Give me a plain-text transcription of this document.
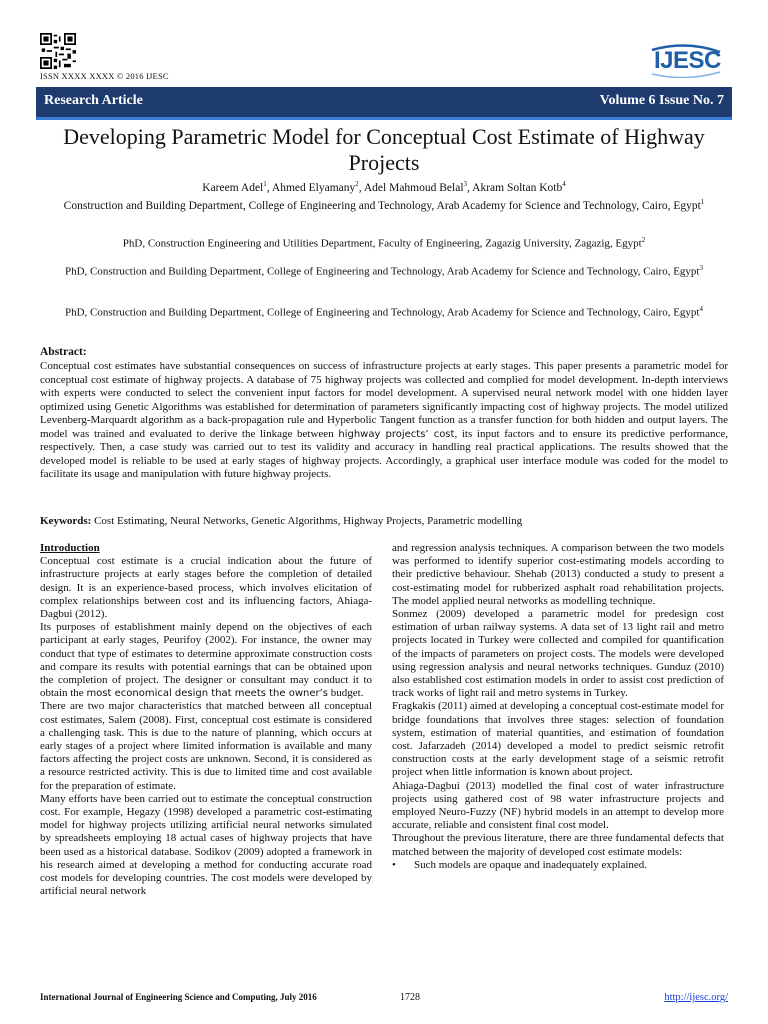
ISSN XXXX XXXX © 2016 IJESC
IJESC
Research Article	Volume 6 Issue No. 7
Developing Parametric Model for Conceptual Cost Estimate of Highway Projects
Kareem Adel$^1$, Ahmed Elyamany$^2$, Adel Mahmoud Belal$^3$, Akram Soltan Kotb$^4$
Construction and Building Department, College of Engineering and Technology, Arab Academy for Science and Technology, Cairo, Egypt$^1$
PhD, Construction Engineering and Utilities Department, Faculty of Engineering, Zagazig University, Zagazig, Egypt$^2$
PhD, Construction and Building Department, College of Engineering and Technology, Arab Academy for Science and Technology, Cairo, Egypt$^3$
PhD, Construction and Building Department, College of Engineering and Technology, Arab Academy for Science and Technology, Cairo, Egypt$^4$
Abstract:
Conceptual cost estimates have substantial consequences on success of infrastructure projects at early stages. This paper presents a parametric model for conceptual cost estimate of highway projects. A database of 75 highway projects was collected and complied for model development. In-depth interviews with experts were conducted to select the convenient input factors for model development. A supervised neural network model with one hidden layer optimized using Genetic Algorithms was established for determination of parameters significantly impacting cost of highway projects. The model utilized Levenberg-Marquardt algorithm as a back-propagation rule and Hyperbolic Tangent function as a transfer function for both hidden and output layers. The model was trained and evaluated to derive the linkage between highway projects’ cost, its input factors and to ensure its predictive performance, respectively. Then, a case study was carried out to test its validity and accuracy in handling real practical applications. The results showed that the developed model is reliable to be used at early stages of highway projects. Accordingly, a graphical user interface module was coded for the model to facilitate its usage and manipulation with future highway projects.
Keywords: Cost Estimating, Neural Networks, Genetic Algorithms, Highway Projects, Parametric modelling

Introduction

Conceptual cost estimate is a crucial indication about the future of infrastructure projects at early stages before the completion of detailed design. It is an experience-based process, which involves elicitation of complex relationships between cost and its influencing factors, Ahiaga-Dagbui (2012).

Its purposes of establishment mainly depend on the objectives of each participant at early stages, Peurifoy (2002). For instance, the owner may conduct that type of estimates to determine approximate construction costs and compare its results with potential earnings that can be obtained upon the completion of project. The designer or consultant may conduct it to obtain the most economical design that meets the owner’s budget.

There are two major characteristics that matched between all conceptual cost estimates, Salem (2008). First, conceptual cost estimate is considered a challenging task. This is due to the nature of planning, which occurs at early stages of a project where limited information is available and many factors affecting the project costs are unknown. Second, it is considered as a resource restricted activity. This is due to limited time and cost available for the preparation of estimate.

Many efforts have been carried out to estimate the conceptual construction cost. For example, Hegazy (1998) developed a parametric cost-estimating model for highway projects utilizing artificial neural networks simulated by spreadsheets employing 18 actual cases of highway projects that have been used as a historical database. Sodikov (2009) adopted a framework in his research aimed at developing a method for conducting accurate road cost models for developing countries. The cost models were developed by artificial neural network

and regression analysis techniques. A comparison between the two models was performed to identify superior cost-estimating models according to their predictive behaviour. Shehab (2013) conducted a study to present a cost-estimating model for rubberized asphalt road rehabilitation projects. The model applied neural networks as modelling technique.

Sonmez (2009) developed a parametric model for predesign cost estimation of urban railway systems. A data set of 13 light rail and metro projects located in Turkey were collected and compiled for quantification of the impacts of parameters on project costs. The models were developed using regression analysis and neural networks techniques. Gunduz (2010) also established cost estimation models in order to assist cost prediction of track works of light rail and metro systems in Turkey.

Fragkakis (2011) aimed at developing a conceptual cost-estimate model for bridge foundations that involves three stages: selection of foundation system, estimation of material quantities, and estimation of foundation cost. Jafarzadeh (2014) developed a model to predict seismic retrofit construction costs at the early development stage of a seismic retrofit project when little information is known about project.

Ahiaga-Dagbui (2013) modelled the final cost of water infrastructure projects using gathered cost of 98 water infrastructure projects and employed Neuro-Fuzzy (NF) hybrid models in an attempt to develop more accurate, reliable and consistent final cost model.

Throughout the previous literature, there are three fundamental defects that matched between the majority of developed cost estimate models:

•	Such models are opaque and inadequately explained.
International Journal of Engineering Science and Computing, July 2016	1728	http://ijesc.org/
